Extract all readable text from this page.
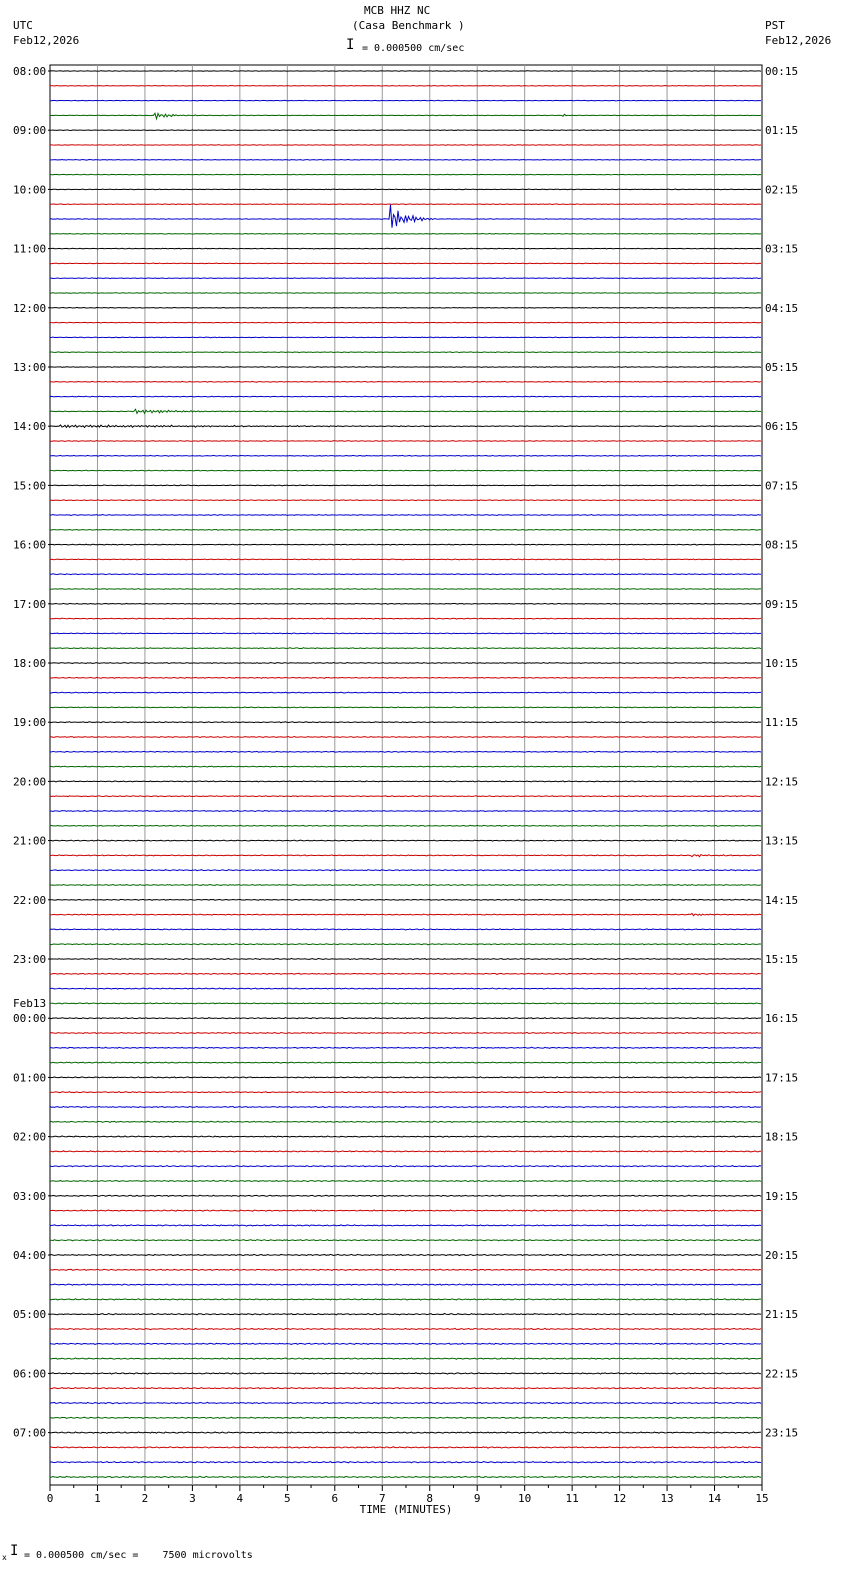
MCB HHZ NC
(Casa Benchmark )
UTC
Feb12,2026
PST
Feb12,2026
I = 0.000500 cm/sec
x I = 0.000500 cm/sec =    7500 microvolts
08:00
09:00
10:00
11:00
12:00
13:00
14:00
15:00
16:00
17:00
18:00
19:00
20:00
21:00
22:00
23:00
00:00
01:00
02:00
03:00
04:00
05:00
06:00
07:00
00:15
01:15
02:15
03:15
04:15
05:15
06:15
07:15
08:15
09:15
10:15
11:15
12:15
13:15
14:15
15:15
16:15
17:15
18:15
19:15
20:15
21:15
22:15
23:15
Feb13
0	1	2	3	4	5	6	7	8	9	10	11	12	13	14	15
TIME (MINUTES)
